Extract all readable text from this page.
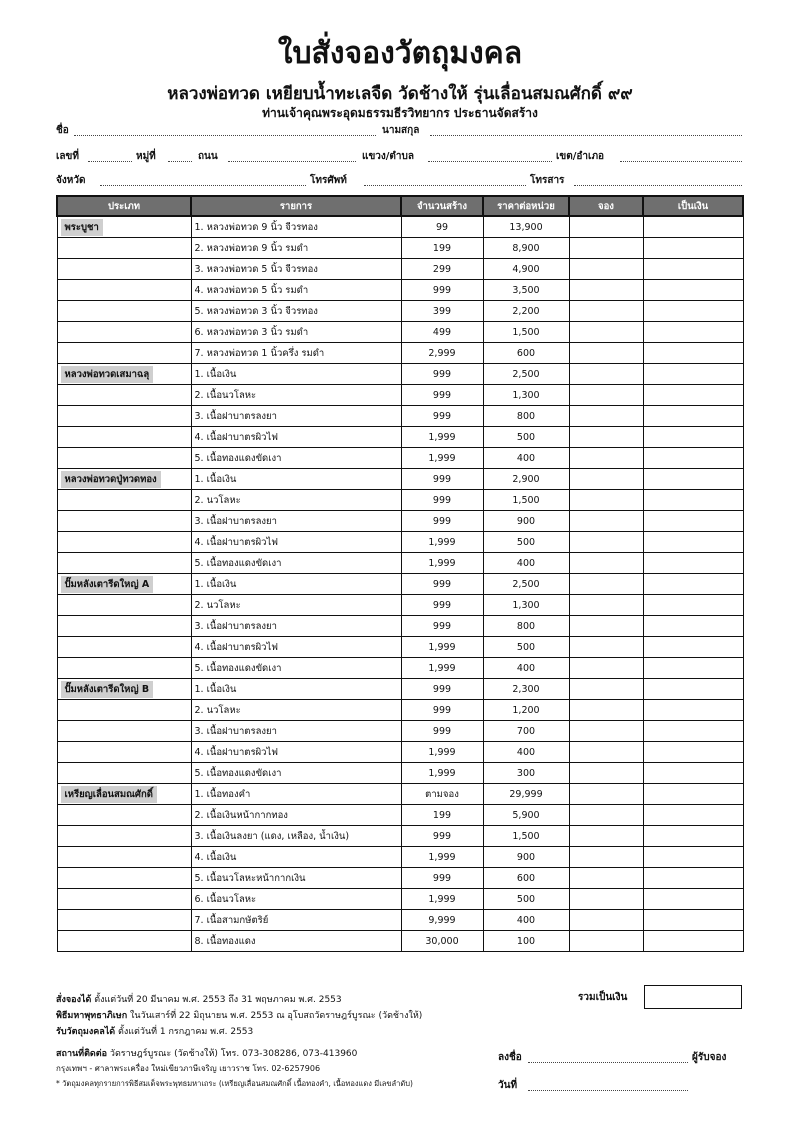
ใบสั่งจองวัตถุมงคล
หลวงพ่อทวด เหยียบน้ำทะเลจืด วัดช้างให้ รุ่นเลื่อนสมณศักดิ์ ๙๙
ท่านเจ้าคุณพระอุดมธรรมธีรวิทยากร ประธานจัดสร้าง
ชื่อ	นามสกุล
เลขที่	หมู่ที่	ถนน	แขวง/ตำบล	เขต/อำเภอ
จังหวัด	โทรศัพท์	โทรสาร
ประเภท	รายการ	จำนวนสร้าง	ราคาต่อหน่วย	จอง	เป็นเงิน
พระบูชา	1. หลวงพ่อทวด 9 นิ้ว จีวรทอง	99	13,900		
	2. หลวงพ่อทวด 9 นิ้ว รมดำ	199	8,900		
	3. หลวงพ่อทวด 5 นิ้ว จีวรทอง	299	4,900		
	4. หลวงพ่อทวด 5 นิ้ว รมดำ	999	3,500		
	5. หลวงพ่อทวด 3 นิ้ว จีวรทอง	399	2,200		
	6. หลวงพ่อทวด 3 นิ้ว รมดำ	499	1,500		
	7. หลวงพ่อทวด 1 นิ้วครึ่ง รมดำ	2,999	600		
หลวงพ่อทวดเสมาฉลุ	1. เนื้อเงิน	999	2,500		
	2. เนื้อนวโลหะ	999	1,300		
	3. เนื้อฝาบาตรลงยา	999	800		
	4. เนื้อฝาบาตรผิวไฟ	1,999	500		
	5. เนื้อทองแดงขัดเงา	1,999	400		
หลวงพ่อทวดปู่ทวดทอง	1. เนื้อเงิน	999	2,900		
	2. นวโลหะ	999	1,500		
	3. เนื้อฝาบาตรลงยา	999	900		
	4. เนื้อฝาบาตรผิวไฟ	1,999	500		
	5. เนื้อทองแดงขัดเงา	1,999	400		
ปั๊มหลังเตารีดใหญ่ A	1. เนื้อเงิน	999	2,500		
	2. นวโลหะ	999	1,300		
	3. เนื้อฝาบาตรลงยา	999	800		
	4. เนื้อฝาบาตรผิวไฟ	1,999	500		
	5. เนื้อทองแดงขัดเงา	1,999	400		
ปั๊มหลังเตารีดใหญ่ B	1. เนื้อเงิน	999	2,300		
	2. นวโลหะ	999	1,200		
	3. เนื้อฝาบาตรลงยา	999	700		
	4. เนื้อฝาบาตรผิวไฟ	1,999	400		
	5. เนื้อทองแดงขัดเงา	1,999	300		
เหรียญเลื่อนสมณศักดิ์	1. เนื้อทองคำ	ตามจอง	29,999		
	2. เนื้อเงินหน้ากากทอง	199	5,900		
	3. เนื้อเงินลงยา (แดง, เหลือง, น้ำเงิน)	999	1,500		
	4. เนื้อเงิน	1,999	900		
	5. เนื้อนวโลหะหน้ากากเงิน	999	600		
	6. เนื้อนวโลหะ	1,999	500		
	7. เนื้อสามกษัตริย์	9,999	400		
	8. เนื้อทองแดง	30,000	100		
รวมเป็นเงิน
สั่งจองได้ ตั้งแต่วันที่ 20 มีนาคม พ.ศ. 2553 ถึง 31 พฤษภาคม พ.ศ. 2553
พิธีมหาพุทธาภิเษก ในวันเสาร์ที่ 22 มิถุนายน พ.ศ. 2553 ณ อุโบสถวัดราษฎร์บูรณะ (วัดช้างให้)
รับวัตถุมงคลได้ ตั้งแต่วันที่ 1 กรกฎาคม พ.ศ. 2553
สถานที่ติดต่อ วัดราษฎร์บูรณะ (วัดช้างให้) โทร. 073-308286, 073-413960
กรุงเทพฯ - ศาลาพระเครื่อง ใหม่เขียวภาษีเจริญ เยาวราช โทร. 02-6257906
* วัตถุมงคลทุกรายการพิธีสมเด็จพระพุทธมหาเถระ (เหรียญเลื่อนสมณศักดิ์ เนื้อทองคำ, เนื้อทองแดง มีเลขลำดับ)
ลงชื่อ	ผู้รับจอง
วันที่
